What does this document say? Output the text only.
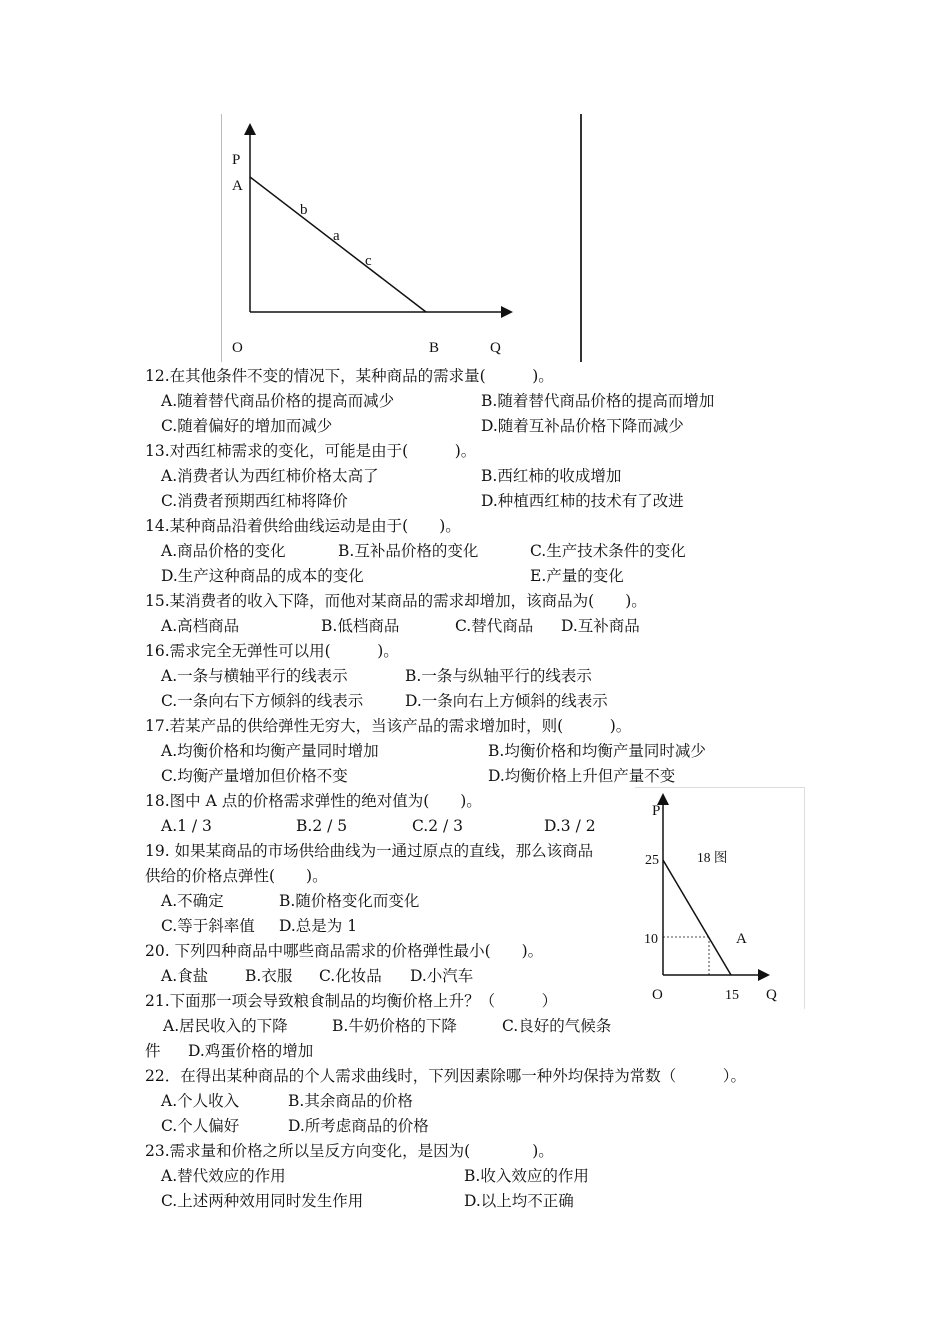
P
A
b
a
c
O	B	Q
P
25	18 图
10	A
O	15 Q
12.在其他条件不变的情况下，某种商品的需求量(　　　)。
A.随着替代商品价格的提高而减少	B.随着替代商品价格的提高而增加
C.随着偏好的增加而减少	D.随着互补品价格下降而减少
13.对西红柿需求的变化，可能是由于(　　　)。
A.消费者认为西红柿价格太高了	B.西红柿的收成增加
C.消费者预期西红柿将降价	D.种植西红柿的技术有了改进
14.某种商品沿着供给曲线运动是由于(　　)。
A.商品价格的变化	B.互补品价格的变化	C.生产技术条件的变化
D.生产这种商品的成本的变化	E.产量的变化
15.某消费者的收入下降，而他对某商品的需求却增加，该商品为(　　)。
A.高档商品	B.低档商品	C.替代商品 D.互补商品
16.需求完全无弹性可以用(　　　)。
A.一条与横轴平行的线表示	B.一条与纵轴平行的线表示
C.一条向右下方倾斜的线表示	D.一条向右上方倾斜的线表示
17.若某产品的供给弹性无穷大，当该产品的需求增加时，则(　　　)。
A.均衡价格和均衡产量同时增加	B.均衡价格和均衡产量同时减少
C.均衡产量增加但价格不变	D.均衡价格上升但产量不变
18.图中 A 点的价格需求弹性的绝对值为(　　)。
A.1 / 3	B.2 / 5	C.2 / 3	D.3 / 2
19. 如果某商品的市场供给曲线为一通过原点的直线，那么该商品
供给的价格点弹性(　　)。
A.不确定	B.随价格变化而变化
C.等于斜率值 D.总是为 1
20. 下列四种商品中哪些商品需求的价格弹性最小(　　)。
A.食盐 B.衣服 C.化妆品 D.小汽车
21.下面那一项会导致粮食制品的均衡价格上升？（　　　）
A.居民收入的下降	B.牛奶价格的下降	C.良好的气候条
件 D.鸡蛋价格的增加
22．在得出某种商品的个人需求曲线时，下列因素除哪一种外均保持为常数（　　　）。
A.个人收入	B.其余商品的价格
C.个人偏好	D.所考虑商品的价格
23.需求量和价格之所以呈反方向变化，是因为(　　　　)。
A.替代效应的作用	B.收入效应的作用
C.上述两种效用同时发生作用	D.以上均不正确
